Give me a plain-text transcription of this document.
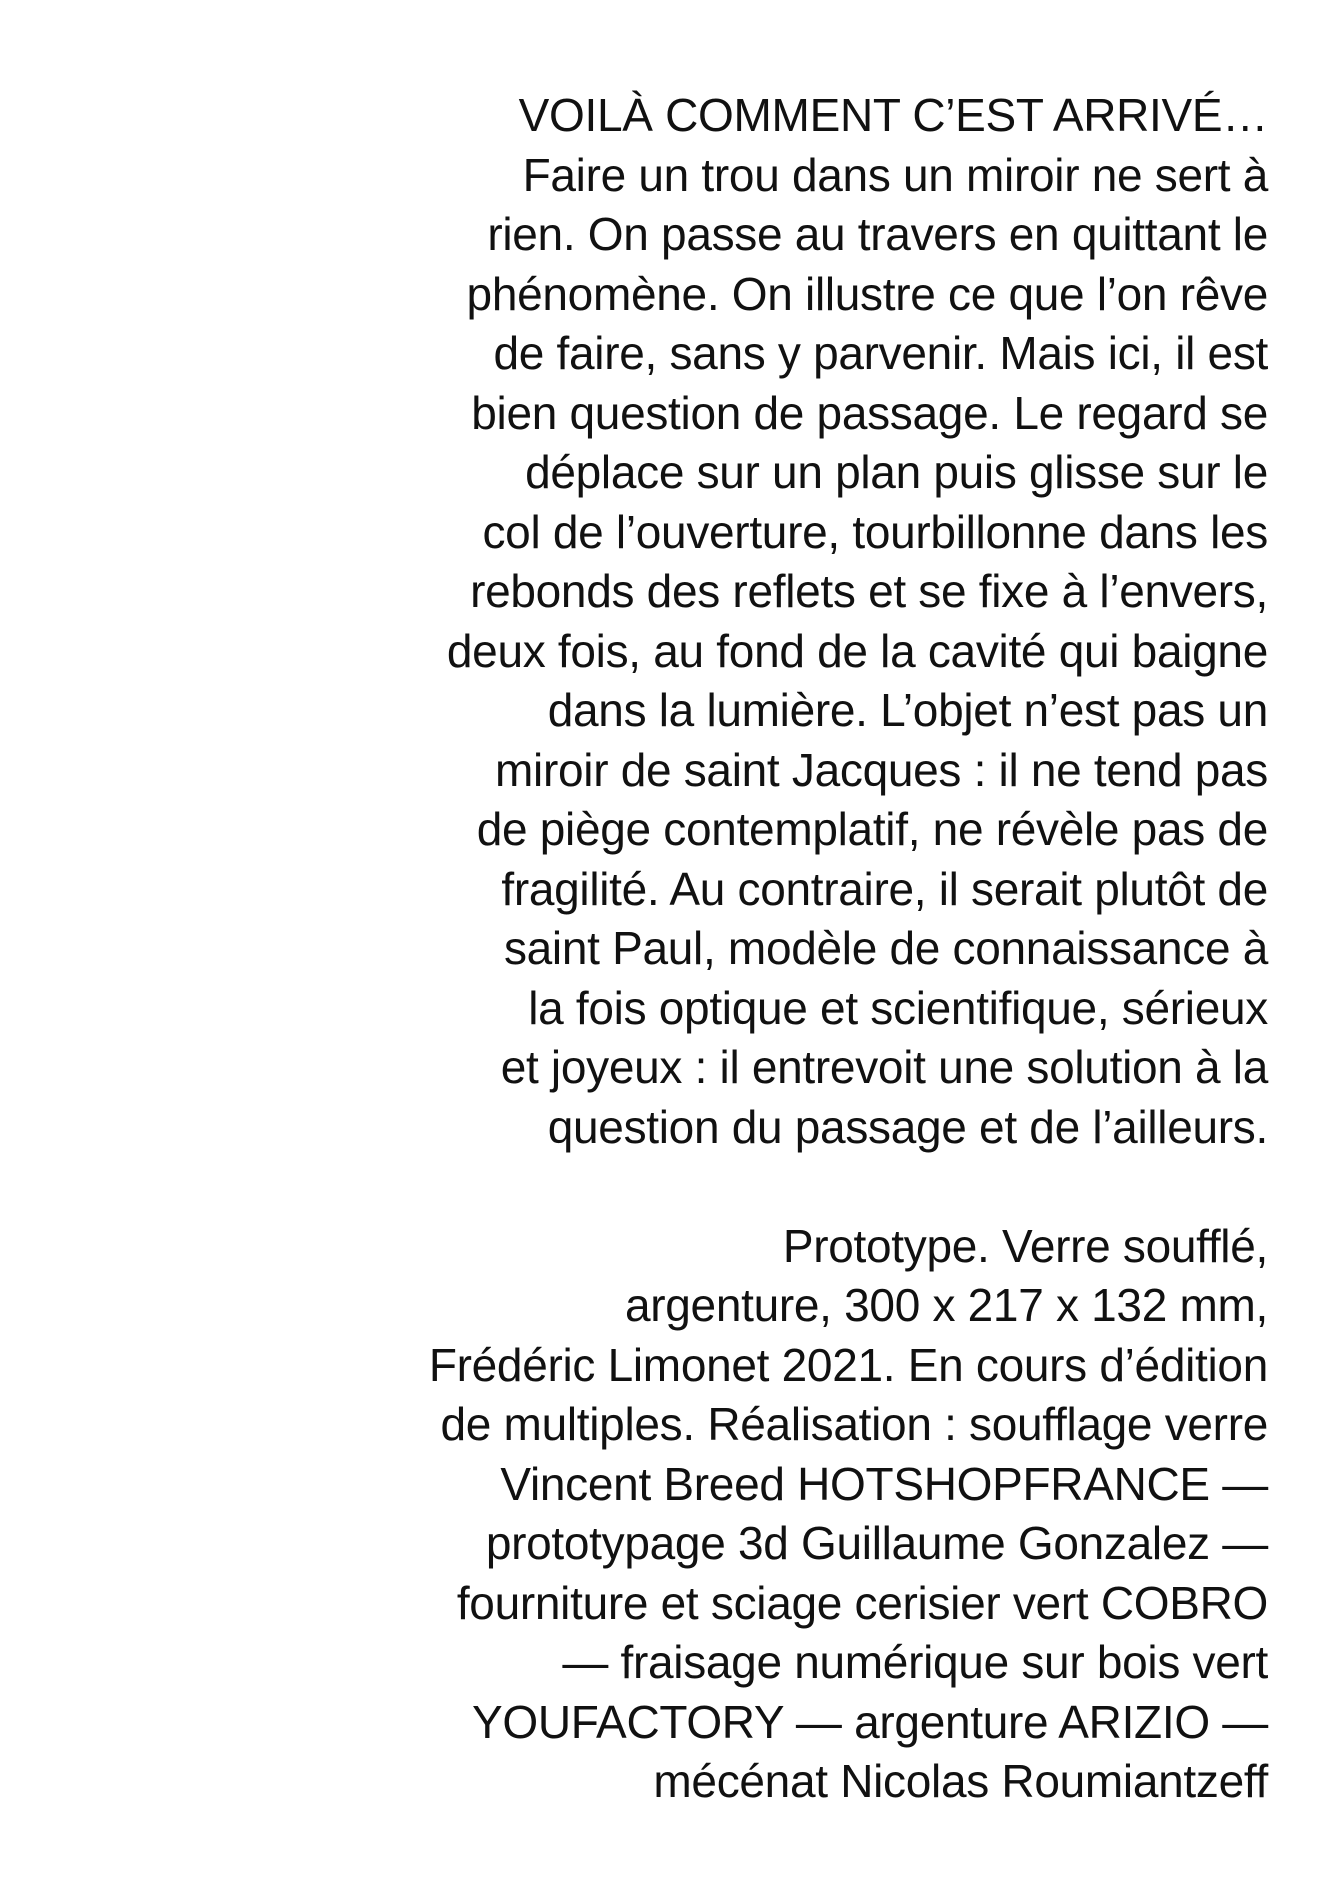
VOILÀ COMMENT C’EST ARRIVÉ…
Faire un trou dans un miroir ne sert à
rien. On passe au travers en quittant le
phénomène. On illustre ce que l’on rêve
de faire, sans y parvenir. Mais ici, il est
bien question de passage. Le regard se
déplace sur un plan puis glisse sur le
col de l’ouverture, tourbillonne dans les
rebonds des reflets et se fixe à l’envers,
deux fois, au fond de la cavité qui baigne
dans la lumière. L’objet n’est pas un
miroir de saint Jacques : il ne tend pas
de piège contemplatif, ne révèle pas de
fragilité. Au contraire, il serait plutôt de
saint Paul, modèle de connaissance à
la fois optique et scientifique, sérieux
et joyeux : il entrevoit une solution à la
question du passage et de l’ailleurs.

Prototype. Verre soufflé,
argenture, 300 x 217 x 132 mm,
Frédéric Limonet 2021. En cours d’édition
de multiples. Réalisation : soufflage verre
Vincent Breed HOTSHOPFRANCE —
prototypage 3d Guillaume Gonzalez —
fourniture et sciage cerisier vert COBRO
— fraisage numérique sur bois vert
YOUFACTORY — argenture ARIZIO —
mécénat Nicolas Roumiantzeff
